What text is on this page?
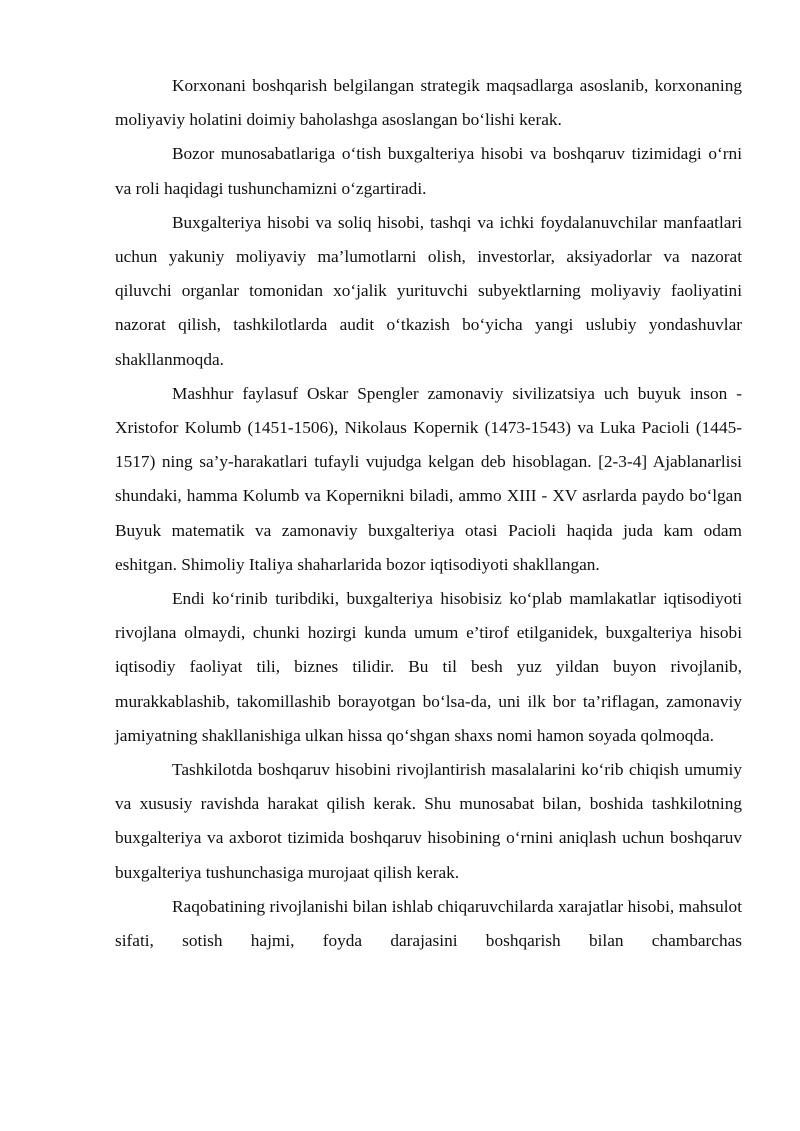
Korxonani boshqarish belgilangan strategik maqsadlarga asoslanib, korxonaning moliyaviy holatini doimiy baholashga asoslangan bo‘lishi kerak.

Bozor munosabatlariga o‘tish buxgalteriya hisobi va boshqaruv tizimidagi o‘rni va roli haqidagi tushunchamizni o‘zgartiradi.

Buxgalteriya hisobi va soliq hisobi, tashqi va ichki foydalanuvchilar manfaatlari uchun yakuniy moliyaviy ma’lumotlarni olish, investorlar, aksiyadorlar va nazorat qiluvchi organlar tomonidan xo‘jalik yurituvchi subyektlarning moliyaviy faoliyatini nazorat qilish, tashkilotlarda audit o‘tkazish bo‘yicha yangi uslubiy yondashuvlar shakllanmoqda.

Mashhur faylasuf Oskar Spengler zamonaviy sivilizatsiya uch buyuk inson - Xristofor Kolumb (1451-1506), Nikolaus Kopernik (1473-1543) va Luka Pacioli (1445-1517) ning sa’y-harakatlari tufayli vujudga kelgan deb hisoblagan. [2-3-4] Ajablanarlisi shundaki, hamma Kolumb va Kopernikni biladi, ammo XIII - XV asrlarda paydo bo‘lgan Buyuk matematik va zamonaviy buxgalteriya otasi Pacioli haqida juda kam odam eshitgan. Shimoliy Italiya shaharlarida bozor iqtisodiyoti shakllangan.

Endi ko‘rinib turibdiki, buxgalteriya hisobisiz ko‘plab mamlakatlar iqtisodiyoti rivojlana olmaydi, chunki hozirgi kunda umum e’tirof etilganidek, buxgalteriya hisobi iqtisodiy faoliyat tili, biznes tilidir. Bu til besh yuz yildan buyon rivojlanib, murakkablashib, takomillashib borayotgan bo‘lsa-da, uni ilk bor ta’riflagan, zamonaviy jamiyatning shakllanishiga ulkan hissa qo‘shgan shaxs nomi hamon soyada qolmoqda.

Tashkilotda boshqaruv hisobini rivojlantirish masalalarini ko‘rib chiqish umumiy va xususiy ravishda harakat qilish kerak. Shu munosabat bilan, boshida tashkilotning buxgalteriya va axborot tizimida boshqaruv hisobining o‘rnini aniqlash uchun boshqaruv buxgalteriya tushunchasiga murojaat qilish kerak.

Raqobatining rivojlanishi bilan ishlab chiqaruvchilarda xarajatlar hisobi, mahsulot sifati, sotish hajmi, foyda darajasini boshqarish bilan chambarchas
